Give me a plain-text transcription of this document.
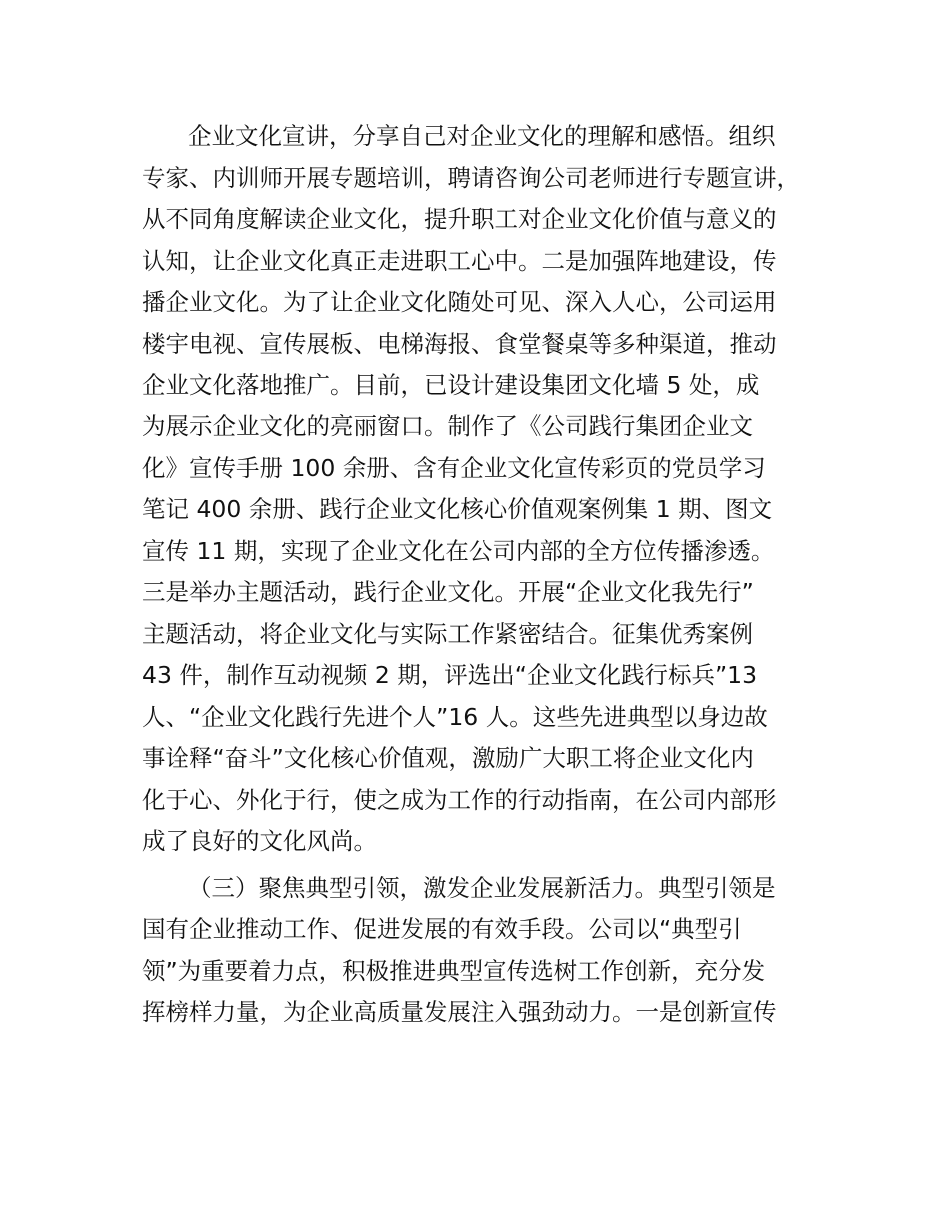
企业文化宣讲，分享自己对企业文化的理解和感悟。组织
专家、内训师开展专题培训，聘请咨询公司老师进行专题宣讲，
从不同角度解读企业文化，提升职工对企业文化价值与意义的
认知，让企业文化真正走进职工心中。二是加强阵地建设，传
播企业文化。为了让企业文化随处可见、深入人心，公司运用
楼宇电视、宣传展板、电梯海报、食堂餐桌等多种渠道，推动
企业文化落地推广。目前，已设计建设集团文化墙 5 处，成
为展示企业文化的亮丽窗口。制作了《公司践行集团企业文
化》宣传手册 100 余册、含有企业文化宣传彩页的党员学习
笔记 400 余册、践行企业文化核心价值观案例集 1 期、图文
宣传 11 期，实现了企业文化在公司内部的全方位传播渗透。
三是举办主题活动，践行企业文化。开展“企业文化我先行”
主题活动，将企业文化与实际工作紧密结合。征集优秀案例
43 件，制作互动视频 2 期，评选出“企业文化践行标兵”13
人、“企业文化践行先进个人”16 人。这些先进典型以身边故
事诠释“奋斗”文化核心价值观，激励广大职工将企业文化内
化于心、外化于行，使之成为工作的行动指南，在公司内部形
成了良好的文化风尚。
（三）聚焦典型引领，激发企业发展新活力。典型引领是
国有企业推动工作、促进发展的有效手段。公司以“典型引
领”为重要着力点，积极推进典型宣传选树工作创新，充分发
挥榜样力量，为企业高质量发展注入强劲动力。一是创新宣传
